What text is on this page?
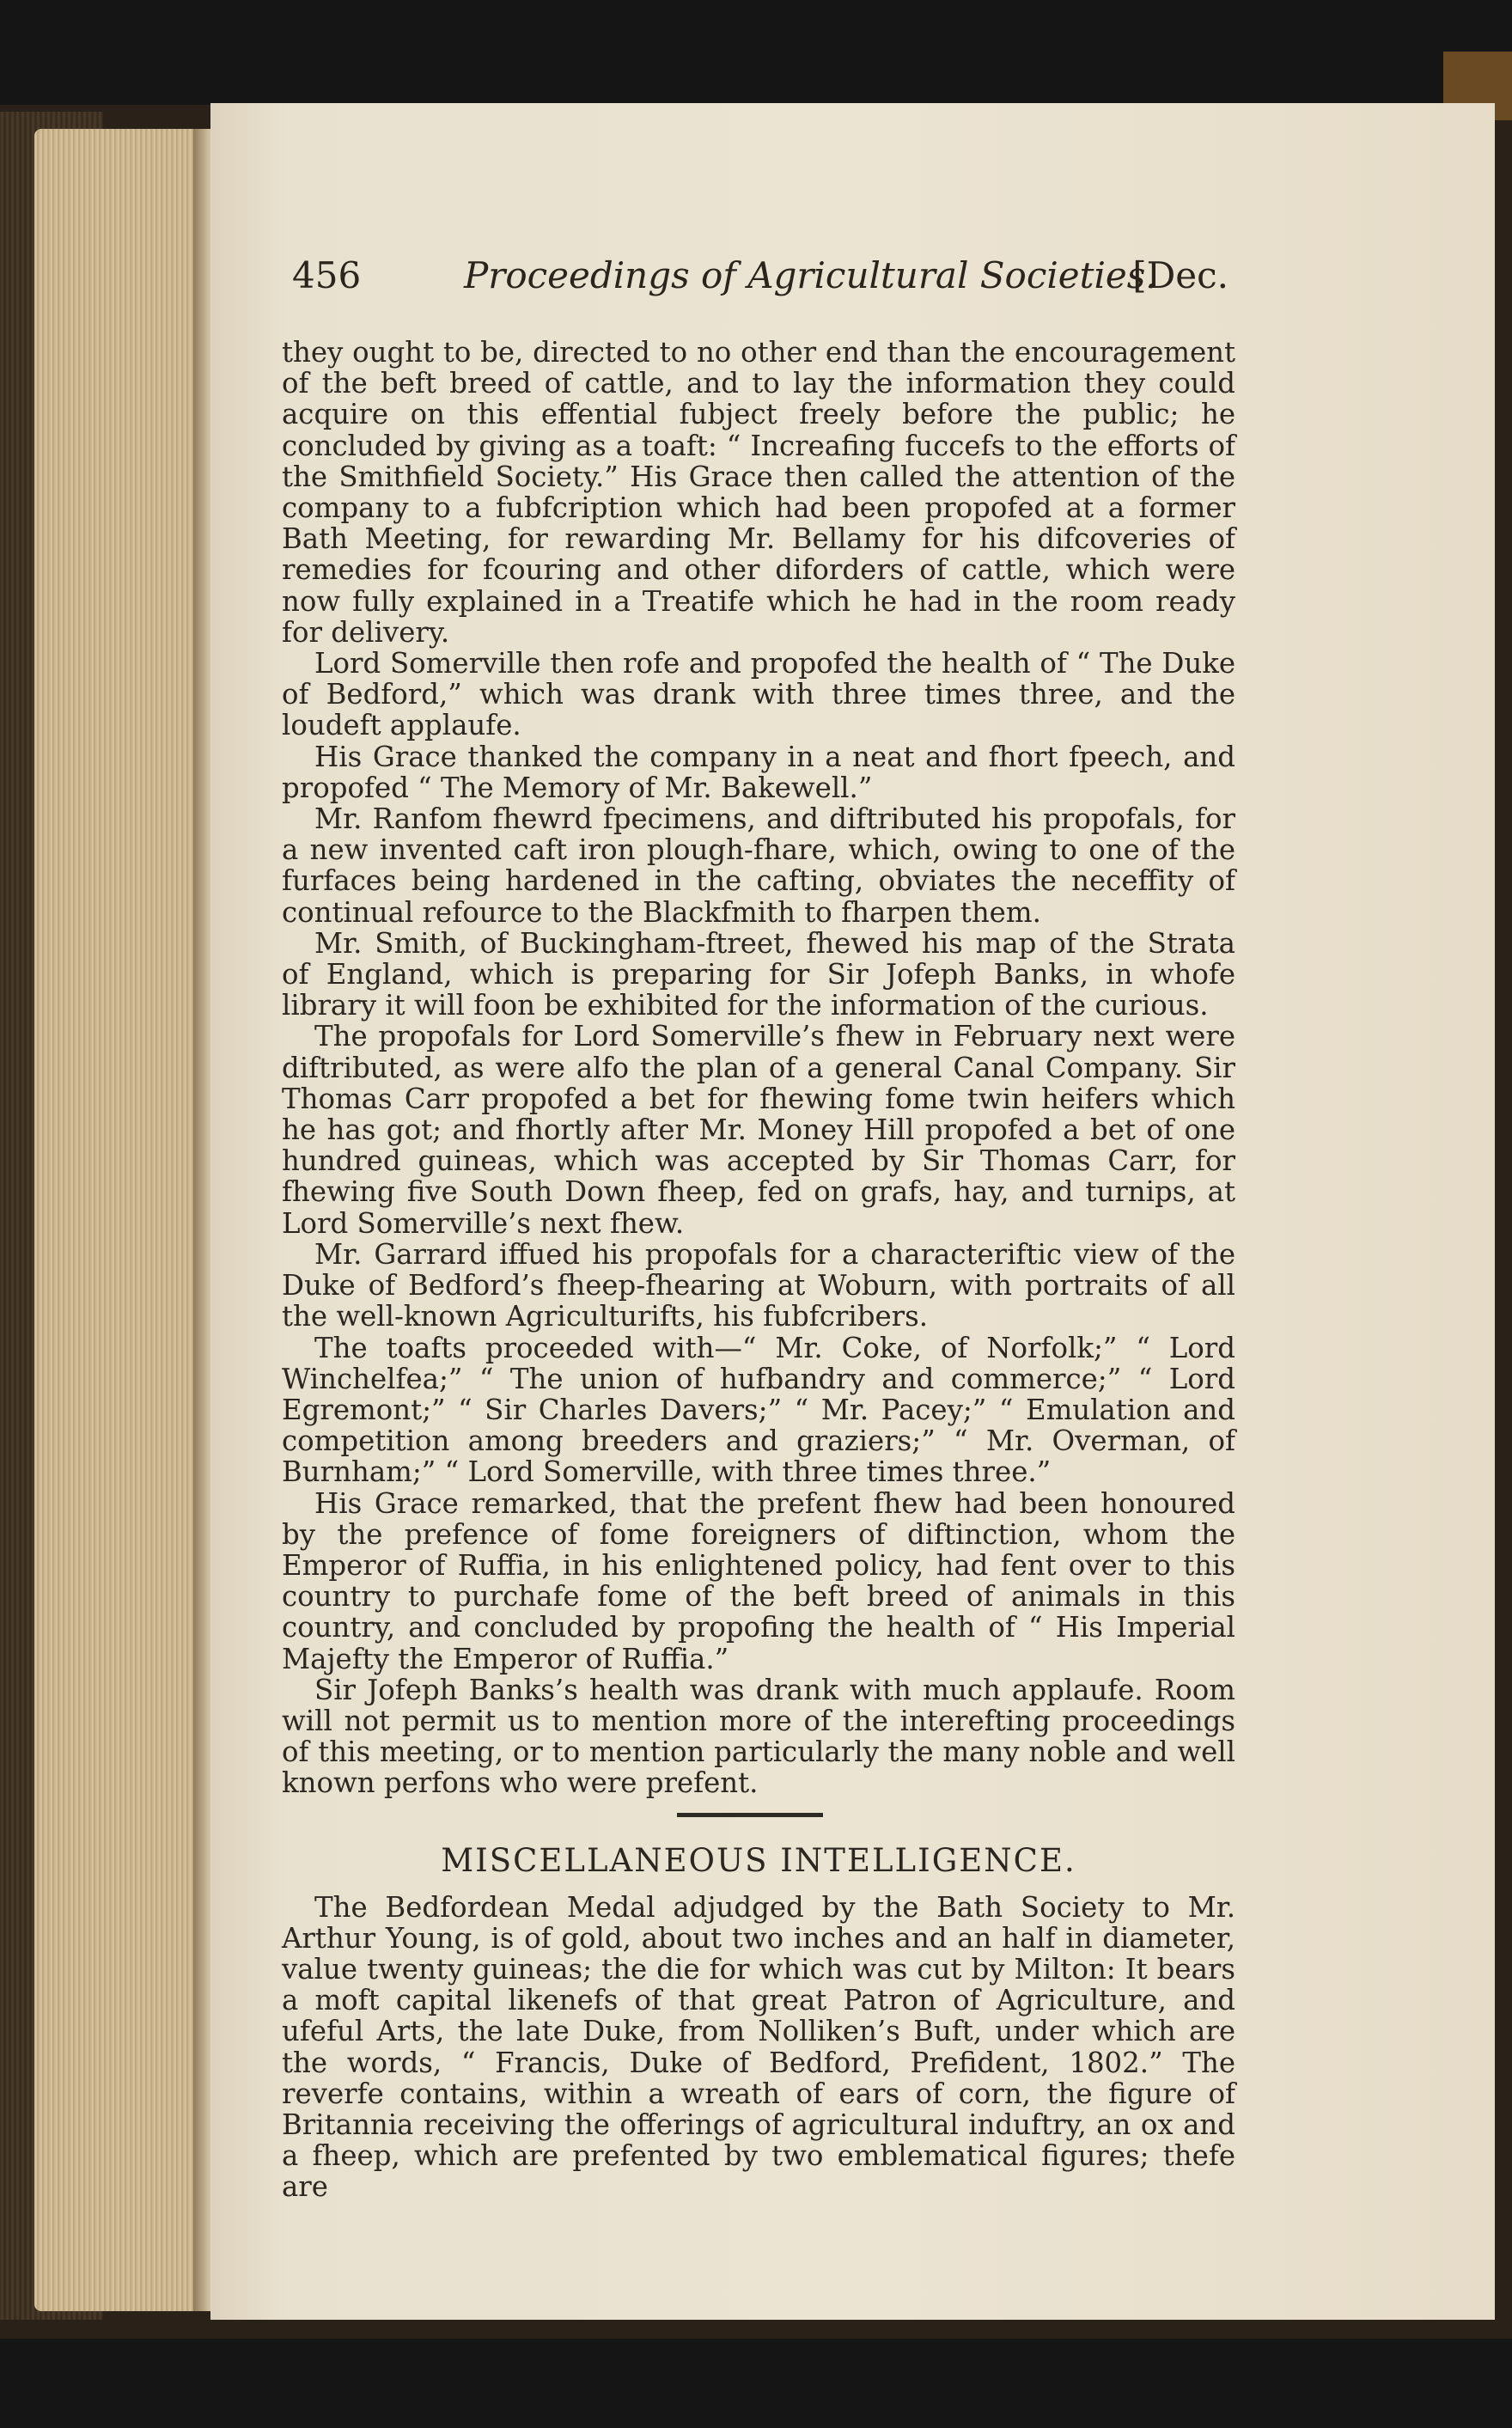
456	Proceedings of Agricultural Societies.
[Dec.

they ought to be, directed to no other end than the encouragement of the beft breed of cattle, and to lay the information they could acquire on this effential fubject freely before the public; he concluded by giving as a toaft: “ Increafing fuccefs to the efforts of the Smithfield Society.” His Grace then called the attention of the company to a fubfcription which had been propofed at a former Bath Meeting, for rewarding Mr. Bellamy for his difcoveries of remedies for fcouring and other diforders of cattle, which were now fully explained in a Treatife which he had in the room ready for delivery.

Lord Somerville then rofe and propofed the health of “ The Duke of Bedford,” which was drank with three times three, and the loudeft applaufe.

His Grace thanked the company in a neat and fhort fpeech, and propofed “ The Memory of Mr. Bakewell.”

Mr. Ranfom fhewrd fpecimens, and diftributed his propofals, for a new invented caft iron plough-fhare, which, owing to one of the furfaces being hardened in the cafting, obviates the neceffity of continual refource to the Blackfmith to fharpen them.

Mr. Smith, of Buckingham-ftreet, fhewed his map of the Strata of England, which is preparing for Sir Jofeph Banks, in whofe library it will foon be exhibited for the information of the curious.

The propofals for Lord Somerville’s fhew in February next were diftributed, as were alfo the plan of a general Canal Company. Sir Thomas Carr propofed a bet for fhewing fome twin heifers which he has got; and fhortly after Mr. Money Hill propofed a bet of one hundred guineas, which was accepted by Sir Thomas Carr, for fhewing five South Down fheep, fed on grafs, hay, and turnips, at Lord Somerville’s next fhew.

Mr. Garrard iffued his propofals for a characteriftic view of the Duke of Bedford’s fheep-fhearing at Woburn, with portraits of all the well-known Agriculturifts, his fubfcribers.

The toafts proceeded with—“ Mr. Coke, of Norfolk;” “ Lord Winchelfea;” “ The union of hufbandry and commerce;” “ Lord Egremont;” “ Sir Charles Davers;” “ Mr. Pacey;” “ Emulation and competition among breeders and graziers;” “ Mr. Overman, of Burnham;” “ Lord Somerville, with three times three.”

His Grace remarked, that the prefent fhew had been honoured by the prefence of fome foreigners of diftinction, whom the Emperor of Ruffia, in his enlightened policy, had fent over to this country to purchafe fome of the beft breed of animals in this country, and concluded by propofing the health of “ His Imperial Majefty the Emperor of Ruffia.”

Sir Jofeph Banks’s health was drank with much applaufe. Room will not permit us to mention more of the interefting proceedings of this meeting, or to mention particularly the many noble and well known perfons who were prefent.

MISCELLANEOUS INTELLIGENCE.

The Bedfordean Medal adjudged by the Bath Society to Mr. Arthur Young, is of gold, about two inches and an half in diameter, value twenty guineas; the die for which was cut by Milton: It bears a moft capital likenefs of that great Patron of Agriculture, and ufeful Arts, the late Duke, from Nolliken’s Buft, under which are the words, “ Francis, Duke of Bedford, Prefident, 1802.” The reverfe contains, within a wreath of ears of corn, the figure of Britannia receiving the offerings of agricultural induftry, an ox and a fheep, which are prefented by two emblematical figures; thefe are
